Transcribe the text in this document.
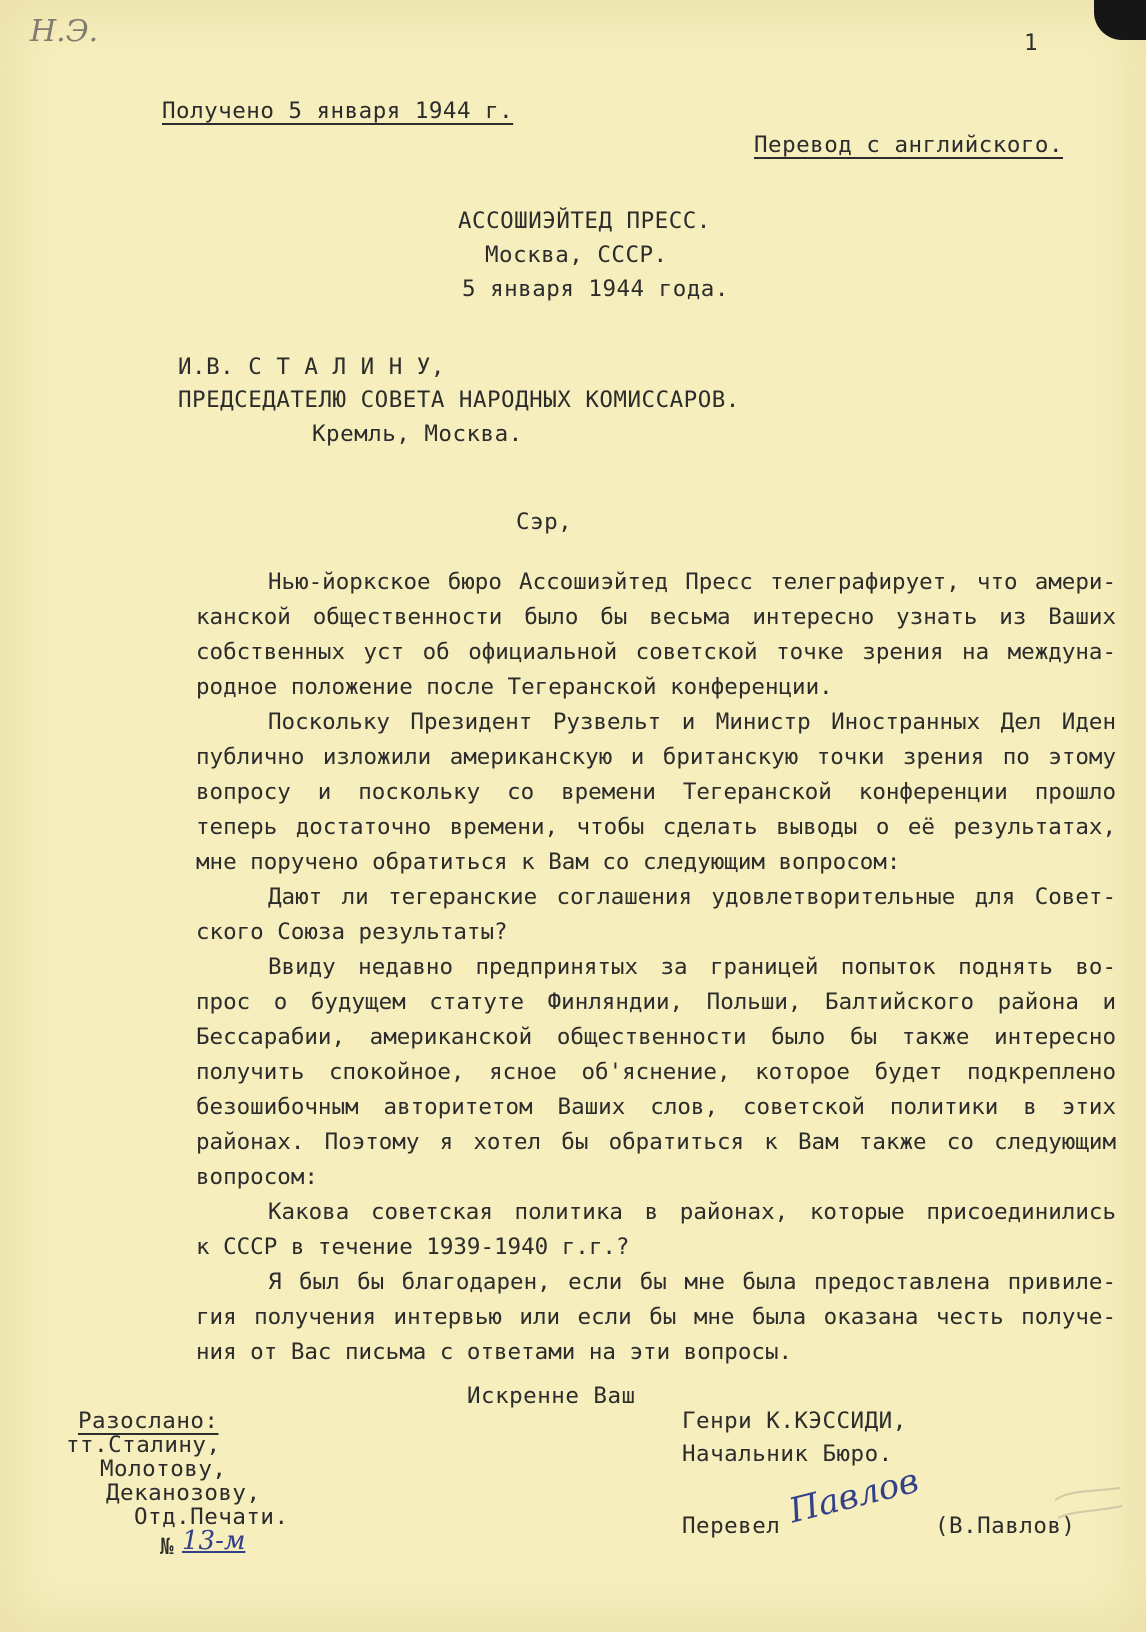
Н.Э.	1
Получено 5 января 1944 г.
Перевод с английского.
АССОШИЭЙТЕД ПРЕСС.
Москва, СССР.
5 января 1944 года.
И.В. С Т А Л И Н У,
ПРЕДСЕДАТЕЛЮ СОВЕТА НАРОДНЫХ КОМИССАРОВ.
Кремль, Москва.
Сэр,
Нью-йоркское бюро Ассошиэйтед Пресс телеграфирует, что амери-
канской общественности было бы весьма интересно узнать из Ваших
собственных уст об официальной советской точке зрения на междуна-
родное положение после Тегеранской конференции.
Поскольку Президент Рузвельт и Министр Иностранных Дел Иден
публично изложили американскую и британскую точки зрения по этому
вопросу и поскольку со времени Тегеранской конференции прошло
теперь достаточно времени, чтобы сделать выводы о её результатах,
мне поручено обратиться к Вам со следующим вопросом:
Дают ли тегеранские соглашения удовлетворительные для Совет-
ского Союза результаты?
Ввиду недавно предпринятых за границей попыток поднять во-
прос о будущем статуте Финляндии, Польши, Балтийского района и
Бессарабии, американской общественности было бы также интересно
получить спокойное, ясное об'яснение, которое будет подкреплено
безошибочным авторитетом Ваших слов, советской политики в этих
районах. Поэтому я хотел бы обратиться к Вам также со следующим
вопросом:
Какова советская политика в районах, которые присоединились
к СССР в течение 1939-1940 г.г.?
Я был бы благодарен, если бы мне была предоставлена привиле-
гия получения интервью или если бы мне была оказана честь получе-
ния от Вас письма с ответами на эти вопросы.
Искренне Ваш
Генри К.КЭССИДИ,
Начальник Бюро.
Разослано:
тт.Сталину,
Молотову,
Деканозову,
Отд.Печати.
№ 13-м	Перевел Павлов (В.Павлов)
